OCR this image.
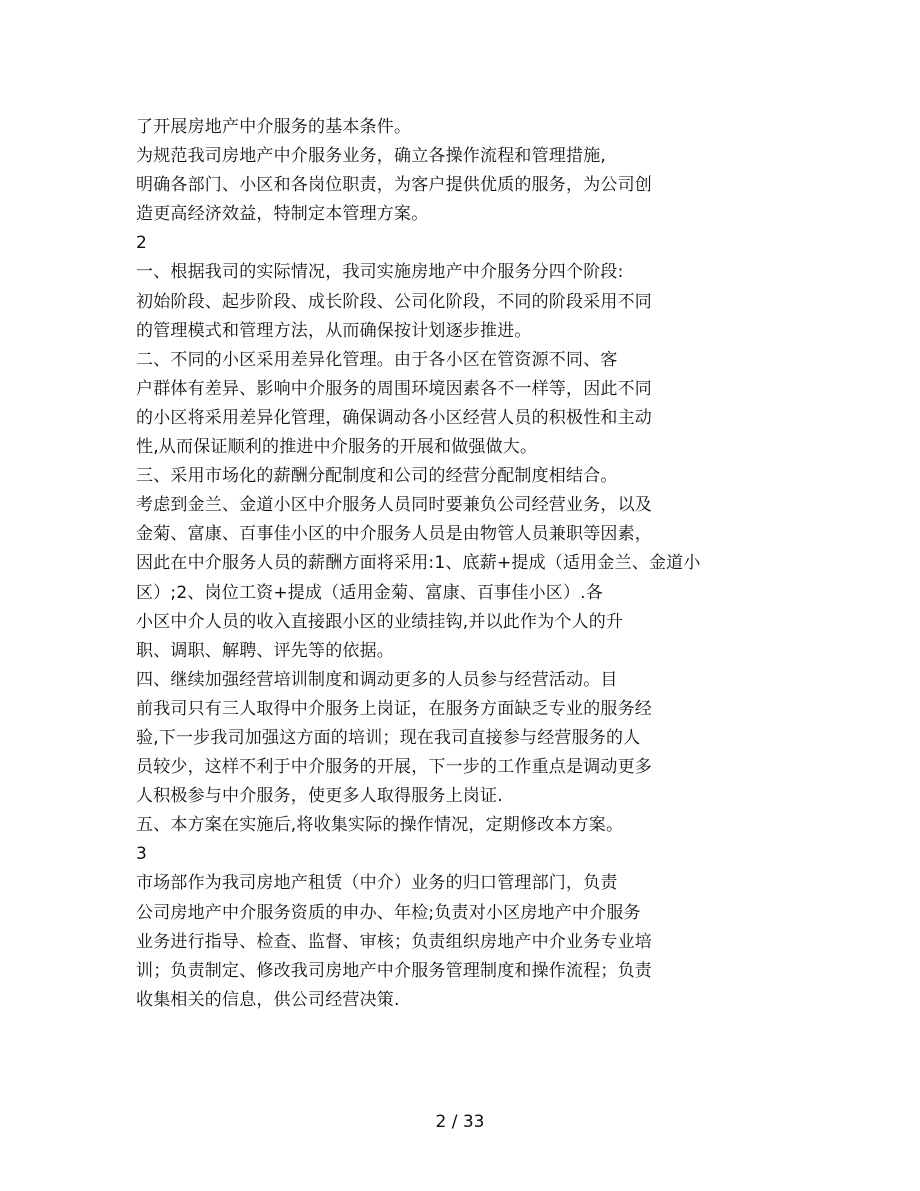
了开展房地产中介服务的基本条件。
为规范我司房地产中介服务业务，确立各操作流程和管理措施,
明确各部门、小区和各岗位职责，为客户提供优质的服务，为公司创
造更高经济效益，特制定本管理方案。
2
一、根据我司的实际情况，我司实施房地产中介服务分四个阶段:
初始阶段、起步阶段、成长阶段、公司化阶段，不同的阶段采用不同
的管理模式和管理方法，从而确保按计划逐步推进。
二、不同的小区采用差异化管理。由于各小区在管资源不同、客
户群体有差异、影响中介服务的周围环境因素各不一样等，因此不同
的小区将采用差异化管理，确保调动各小区经营人员的积极性和主动
性,从而保证顺利的推进中介服务的开展和做强做大。
三、采用市场化的薪酬分配制度和公司的经营分配制度相结合。
考虑到金兰、金道小区中介服务人员同时要兼负公司经营业务，以及
金菊、富康、百事佳小区的中介服务人员是由物管人员兼职等因素，
因此在中介服务人员的薪酬方面将采用:1、底薪+提成（适用金兰、金道小
区）;2、岗位工资+提成（适用金菊、富康、百事佳小区）.各
小区中介人员的收入直接跟小区的业绩挂钩,并以此作为个人的升
职、调职、解聘、评先等的依据。
四、继续加强经营培训制度和调动更多的人员参与经营活动。目
前我司只有三人取得中介服务上岗证，在服务方面缺乏专业的服务经
验,下一步我司加强这方面的培训；现在我司直接参与经营服务的人
员较少，这样不利于中介服务的开展，下一步的工作重点是调动更多
人积极参与中介服务，使更多人取得服务上岗证.
五、本方案在实施后,将收集实际的操作情况，定期修改本方案。
3
市场部作为我司房地产租赁（中介）业务的归口管理部门，负责
公司房地产中介服务资质的申办、年检;负责对小区房地产中介服务
业务进行指导、检查、监督、审核；负责组织房地产中介业务专业培
训；负责制定、修改我司房地产中介服务管理制度和操作流程；负责
收集相关的信息，供公司经营决策.
2 / 33
